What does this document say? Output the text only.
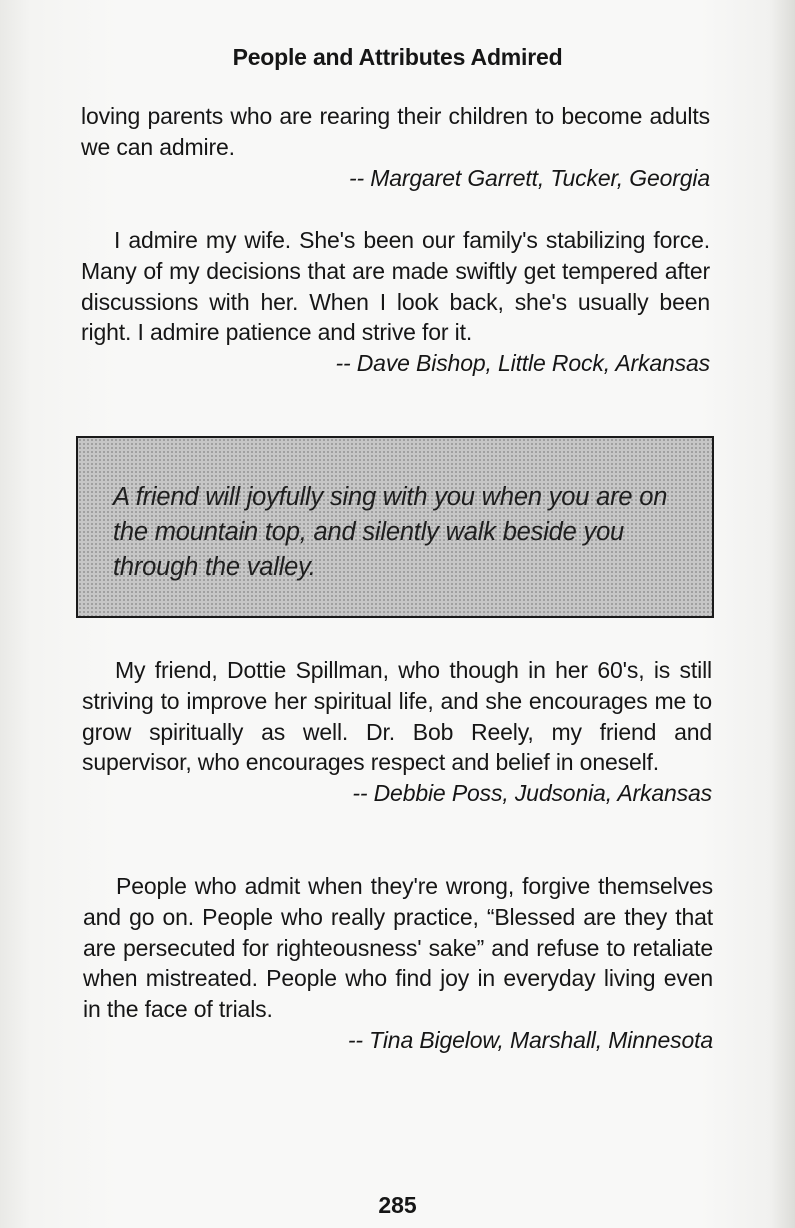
People and Attributes Admired

loving parents who are rearing their children to become adults we can admire.

-- Margaret Garrett, Tucker, Georgia

I admire my wife. She's been our family's stabilizing force. Many of my decisions that are made swiftly get tempered after discussions with her. When I look back, she's usually been right. I admire patience and strive for it.

-- Dave Bishop, Little Rock, Arkansas
A friend will joyfully sing with you when you are on the mountain top, and silently walk beside you through the valley.

My friend, Dottie Spillman, who though in her 60's, is still striving to improve her spiritual life, and she encourages me to grow spiritually as well. Dr. Bob Reely, my friend and supervisor, who encourages respect and belief in oneself.

-- Debbie Poss, Judsonia, Arkansas

People who admit when they're wrong, forgive themselves and go on. People who really practice, “Blessed are they that are persecuted for righteousness' sake” and refuse to retaliate when mistreated. People who find joy in everyday living even in the face of trials.

-- Tina Bigelow, Marshall, Minnesota
285
